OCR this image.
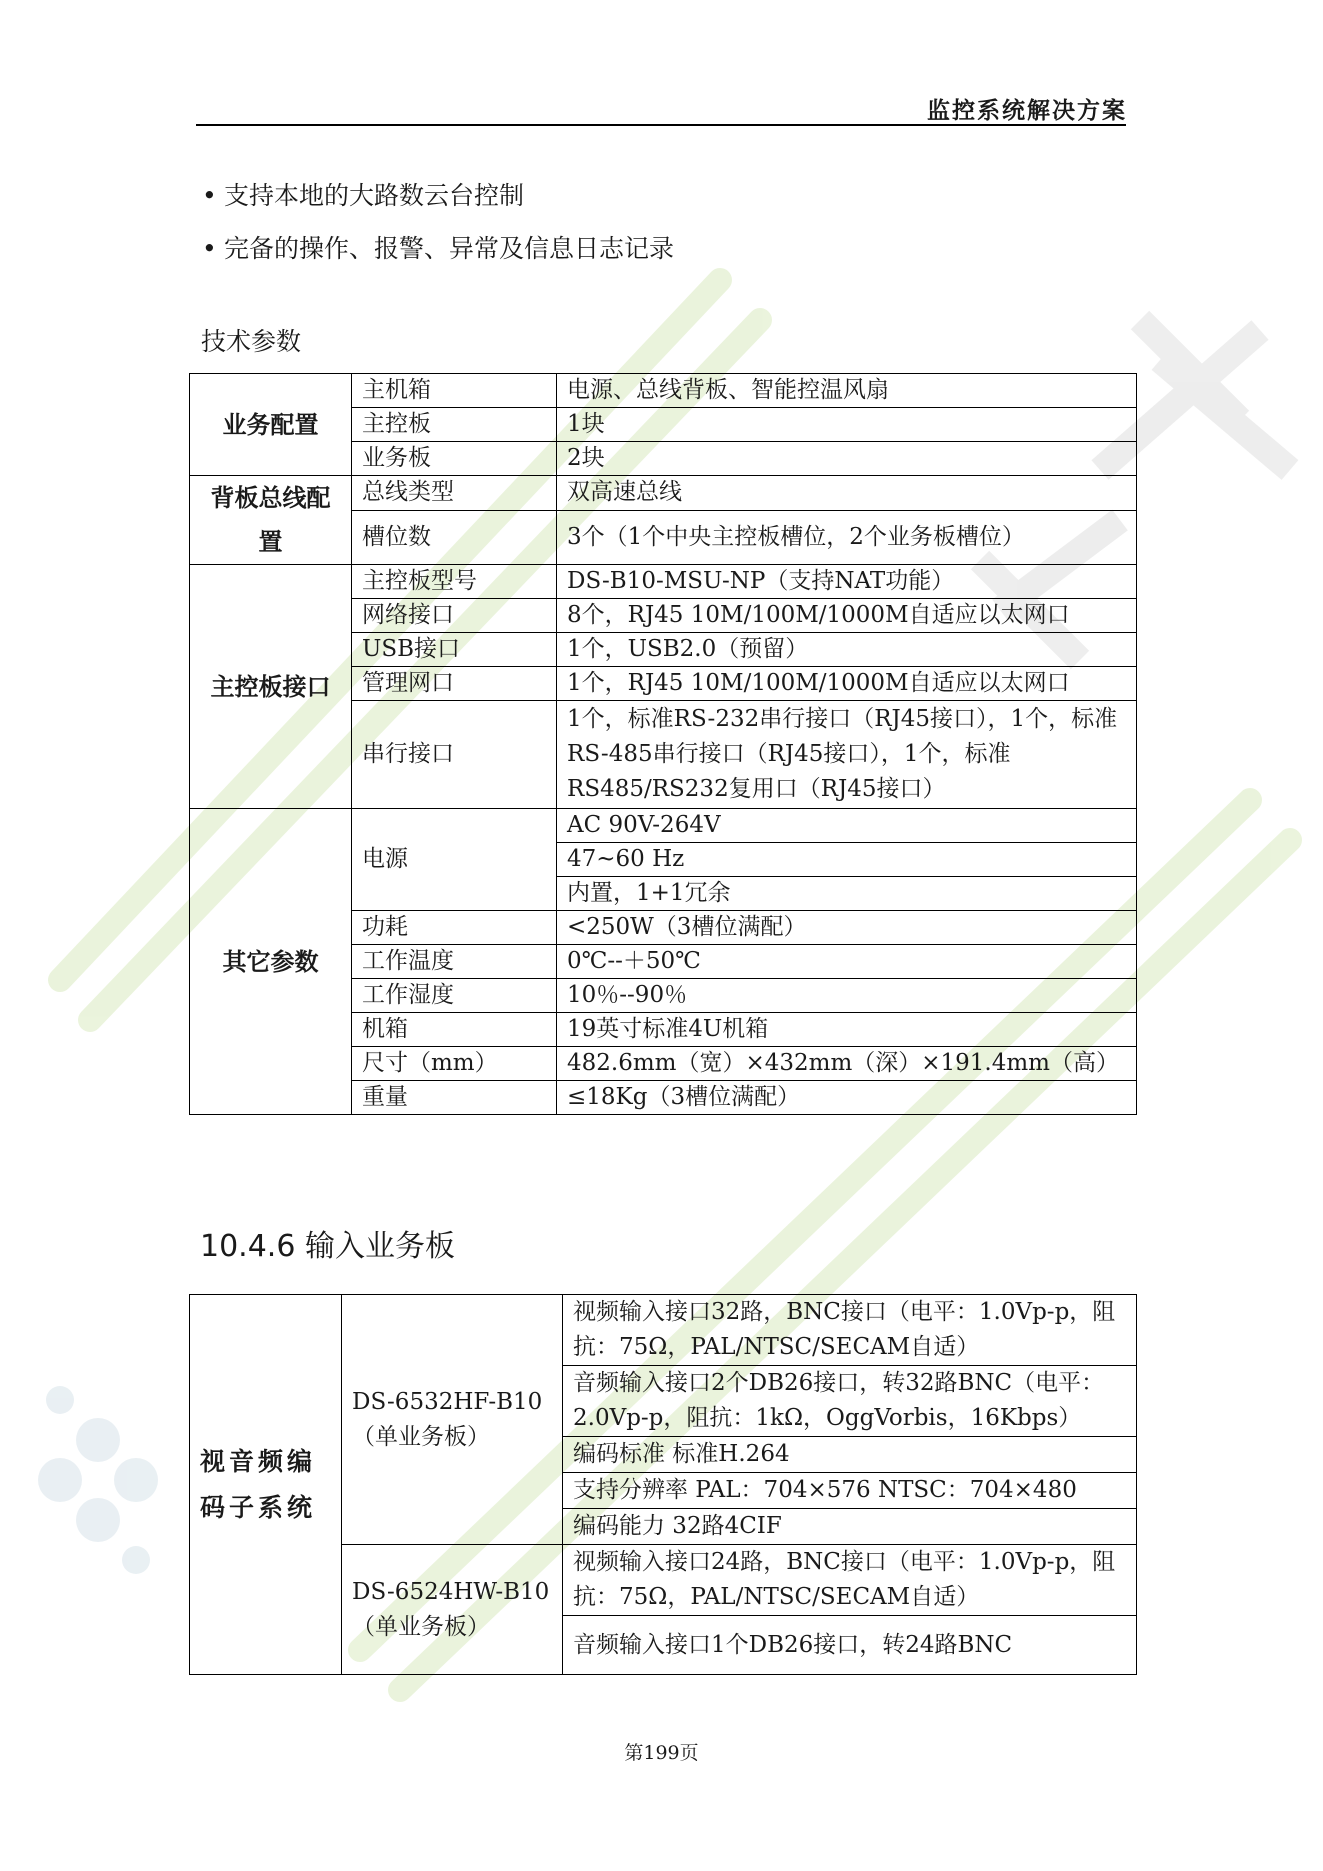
监控系统解决方案
• 支持本地的大路数云台控制
• 完备的操作、报警、异常及信息日志记录
技术参数
业务配置	主机箱	电源、总线背板、智能控温风扇
	主控板	1块
	业务板	2块
背板总线配置	总线类型	双高速总线
	槽位数	3个（1个中央主控板槽位，2个业务板槽位）
主控板接口	主控板型号	DS-B10-MSU-NP（支持NAT功能）
	网络接口	8个，RJ45 10M/100M/1000M自适应以太网口
	USB接口	1个，USB2.0（预留）
	管理网口	1个，RJ45 10M/100M/1000M自适应以太网口
	串行接口	1个，标准RS-232串行接口（RJ45接口），1个，标准RS-485串行接口（RJ45接口），1个，标准RS485/RS232复用口（RJ45接口）
其它参数	电源	AC 90V-264V
		47~60 Hz
		内置，1+1冗余
	功耗	<250W（3槽位满配）
	工作温度	0℃--＋50℃
	工作湿度	10％--90％
	机箱	19英寸标准4U机箱
	尺寸（mm）	482.6mm（宽）×432mm（深）×191.4mm（高）
	重量	≤18Kg（3槽位满配）
10.4.6 输入业务板
视音频编码子系统	DS-6532HF-B10（单业务板）	视频输入接口32路，BNC接口（电平：1.0Vp-p，阻抗：75Ω，PAL/NTSC/SECAM自适）
		音频输入接口2个DB26接口，转32路BNC（电平：2.0Vp-p，阻抗：1kΩ，OggVorbis，16Kbps）
		编码标准 标准H.264
		支持分辨率 PAL：704×576 NTSC：704×480
		编码能力 32路4CIF
	DS-6524HW-B10（单业务板）	视频输入接口24路，BNC接口（电平：1.0Vp-p，阻抗：75Ω，PAL/NTSC/SECAM自适）
		音频输入接口1个DB26接口，转24路BNC
第199页
